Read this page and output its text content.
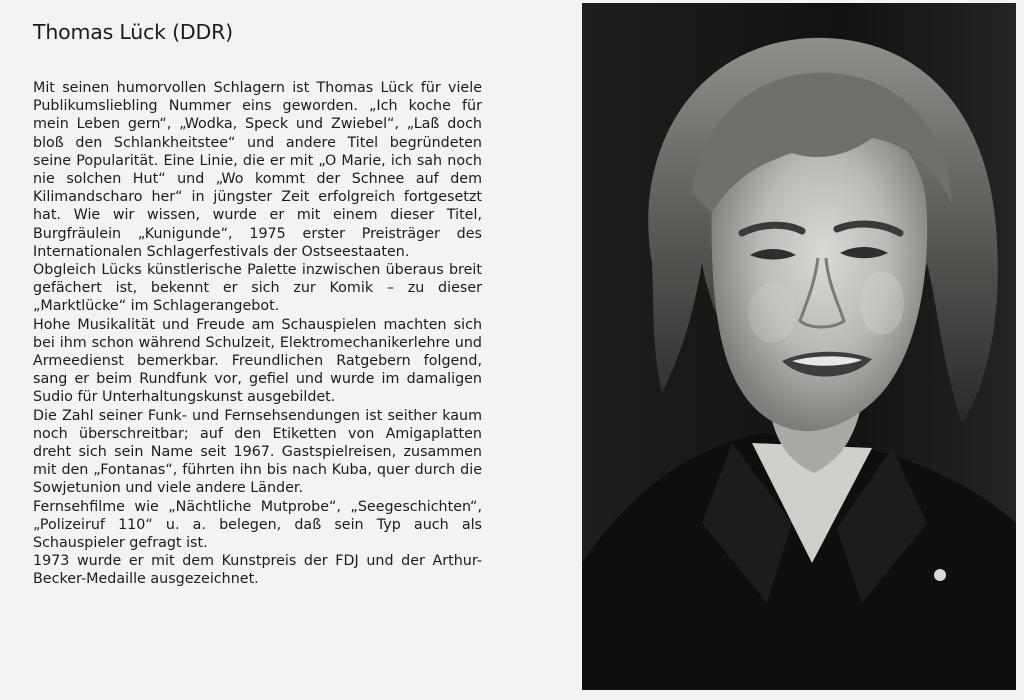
Thomas Lück (DDR)

Mit seinen humorvollen Schlagern ist Thomas Lück für viele Publikumsliebling Nummer eins geworden. „Ich koche für mein Leben gern“, „Wodka, Speck und Zwiebel“, „Laß doch bloß den Schlankheitstee“ und andere Titel begründeten seine Popularität. Eine Linie, die er mit „O Marie, ich sah noch nie solchen Hut“ und „Wo kommt der Schnee auf dem Kilimandscharo her“ in jüngster Zeit erfolgreich fortgesetzt hat. Wie wir wissen, wurde er mit einem dieser Titel, Burgfräulein „Kunigunde“, 1975 erster Preisträger des Internationalen Schlagerfestivals der Ostseestaaten.

Obgleich Lücks künstlerische Palette inzwischen überaus breit gefächert ist, bekennt er sich zur Komik – zu dieser „Marktlücke“ im Schlagerangebot.

Hohe Musikalität und Freude am Schauspielen machten sich bei ihm schon während Schulzeit, Elektromechanikerlehre und Armeedienst bemerkbar. Freundlichen Ratgebern folgend, sang er beim Rundfunk vor, gefiel und wurde im damaligen Sudio für Unterhaltungskunst ausgebildet.

Die Zahl seiner Funk- und Fernsehsendungen ist seither kaum noch überschreitbar; auf den Etiketten von Amigaplatten dreht sich sein Name seit 1967. Gastspielreisen, zusammen mit den „Fontanas“, führten ihn bis nach Kuba, quer durch die Sowjetunion und viele andere Länder.

Fernsehfilme wie „Nächtliche Mutprobe“, „Seegeschichten“, „Polizeiruf 110“ u. a. belegen, daß sein Typ auch als Schauspieler gefragt ist.

1973 wurde er mit dem Kunstpreis der FDJ und der Arthur-Becker-Medaille ausgezeichnet.
